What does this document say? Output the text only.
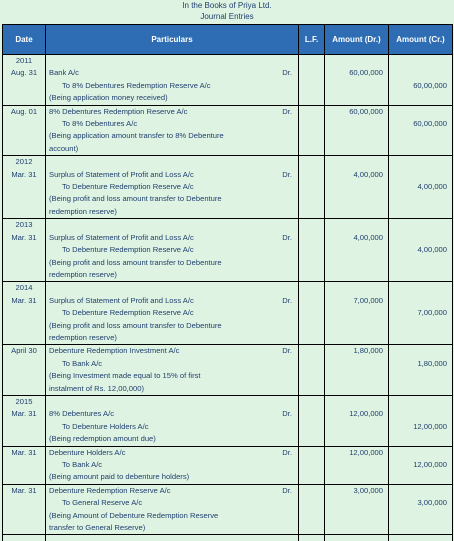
In the Books of Priya Ltd.
Journal Entries
Date	Particulars	L.F.	Amount (Dr.)	Amount (Cr.)
2011				
Aug. 31	Bank A/c Dr.		60,00,000	
	To 8% Debentures Redemption Reserve A/c			60,00,000
	(Being application money received)			
Aug. 01	8% Debentures Redemption Reserve A/c Dr.		60,00,000	
	To 8% Debentures A/c			60,00,000
	(Being application amount transfer to 8% Debenture			
	account)			
2012				
Mar. 31	Surplus of Statement of Profit and Loss A/c Dr.		4,00,000	
	To Debenture Redemption Reserve A/c			4,00,000
	(Being profit and loss amount transfer to Debenture			
	redemption reserve)			
2013				
Mar. 31	Surplus of Statement of Profit and Loss A/c Dr.		4,00,000	
	To Debenture Redemption Reserve A/c			4,00,000
	(Being profit and loss amount transfer to Debenture			
	redemption reserve)			
2014				
Mar. 31	Surplus of Statement of Profit and Loss A/c Dr.		7,00,000	
	To Debenture Redemption Reserve A/c			7,00,000
	(Being profit and loss amount transfer to Debenture			
	redemption reserve)			
April 30	Debenture Redemption Investment A/c Dr.		1,80,000	
	To Bank A/c			1,80,000
	(Being Investment made equal to 15% of first			
	instalment of Rs. 12,00,000)			
2015				
Mar. 31	8% Debentures A/c Dr.		12,00,000	
	To Debenture Holders A/c			12,00,000
	(Being redemption amount due)			
Mar. 31	Debenture Holders A/c Dr.		12,00,000	
	To Bank A/c			12,00,000
	(Being amount paid to debenture holders)			
Mar. 31	Debenture Redemption Reserve A/c Dr.		3,00,000	
	To General Reserve A/c			3,00,000
	(Being Amount of Debenture Redemption Reserve			
	transfer to General Reserve)			
